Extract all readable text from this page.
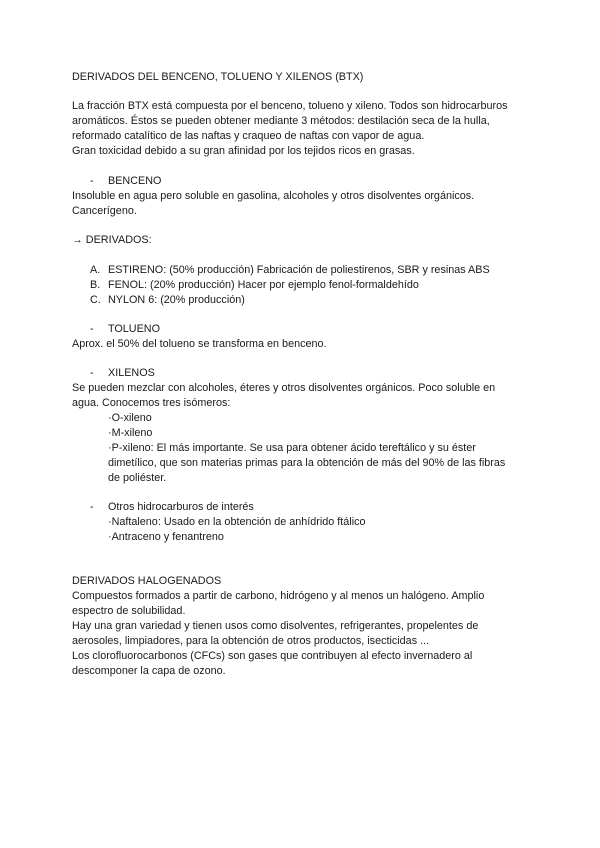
DERIVADOS DEL BENCENO, TOLUENO Y XILENOS (BTX)
La fracción BTX está compuesta por el benceno, tolueno y xileno. Todos son hidrocarburos
aromáticos. Éstos se pueden obtener mediante 3 métodos: destilación seca de la hulla,
reformado catalítico de las naftas y craqueo de naftas con vapor de agua.
Gran toxicidad debido a su gran afinidad por los tejidos ricos en grasas.
- BENCENO
Insoluble en agua pero soluble en gasolina, alcoholes y otros disolventes orgánicos.
Cancerígeno.
→ DERIVADOS:
A. ESTIRENO: (50% producción) Fabricación de poliestirenos, SBR y resinas ABS
B. FENOL: (20% producción) Hacer por ejemplo fenol-formaldehído
C. NYLON 6: (20% producción)
- TOLUENO
Aprox. el 50% del tolueno se transforma en benceno.
- XILENOS
Se pueden mezclar con alcoholes, éteres y otros disolventes orgánicos. Poco soluble en
agua. Conocemos tres isómeros:
·O-xileno
·M-xileno
·P-xileno: El más importante. Se usa para obtener ácido tereftálico y su éster
dimetílico, que son materias primas para la obtención de más del 90% de las fibras
de poliéster.
- Otros hidrocarburos de interés
·Naftaleno: Usado en la obtención de anhídrido ftálico
·Antraceno y fenantreno
DERIVADOS HALOGENADOS
Compuestos formados a partir de carbono, hidrógeno y al menos un halógeno. Amplio
espectro de solubilidad.
Hay una gran variedad y tienen usos como disolventes, refrigerantes, propelentes de
aerosoles, limpiadores, para la obtención de otros productos, isecticidas ...
Los clorofluorocarbonos (CFCs) son gases que contribuyen al efecto invernadero al
descomponer la capa de ozono.
